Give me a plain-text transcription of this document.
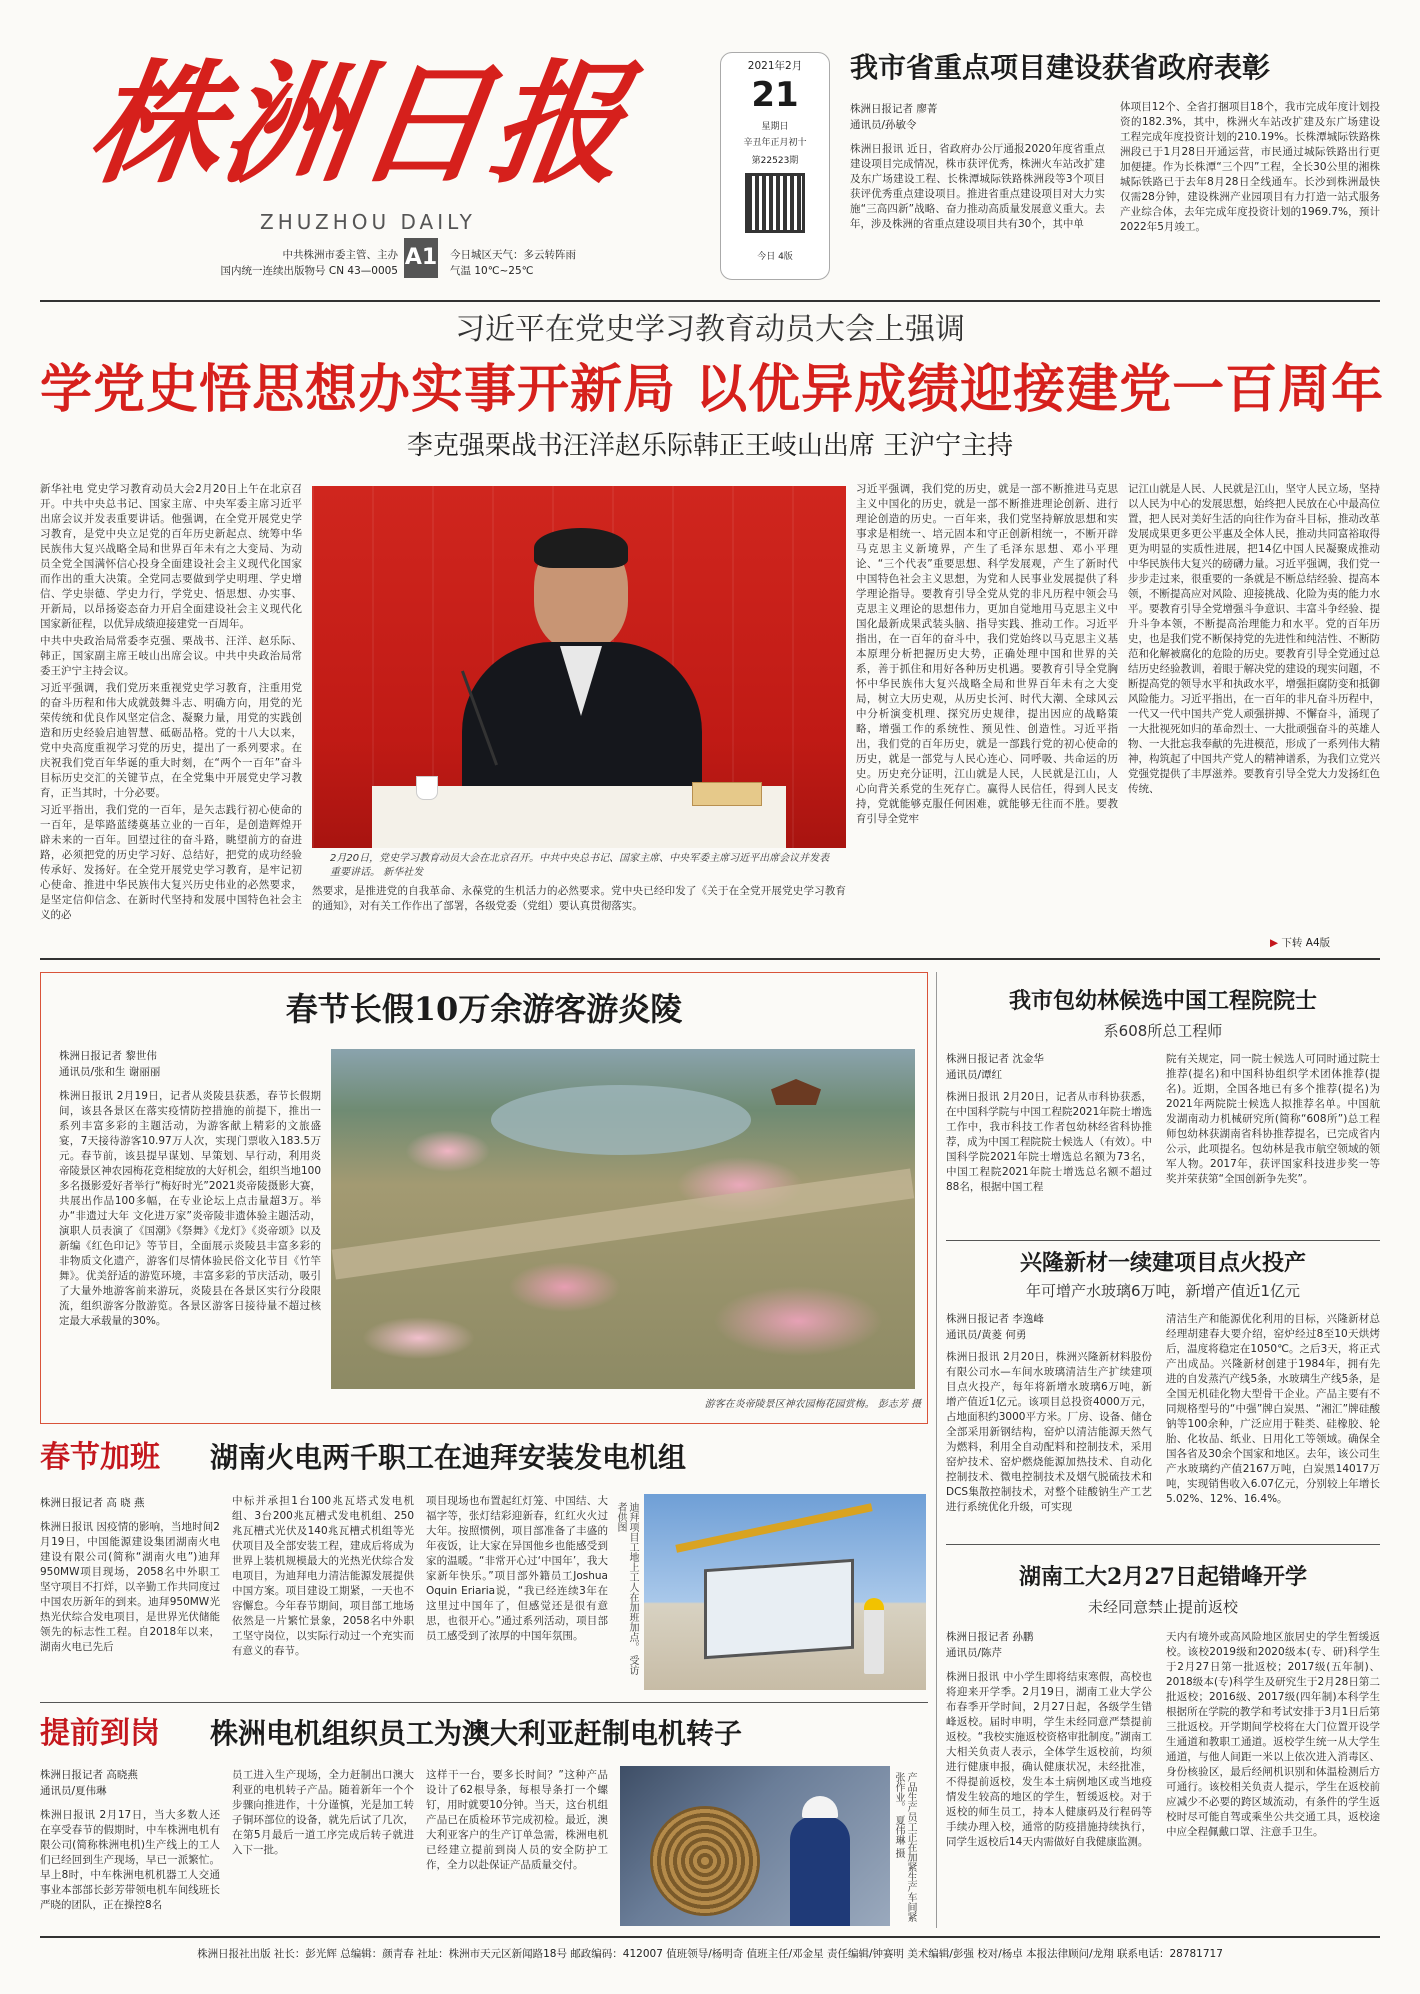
株洲日报
ZHUZHOU DAILY
中共株洲市委主管、主办
国内统一连续出版物号 CN 43—0005
A1 今日城区天气：多云转阵雨
气温 10℃~25℃
2021年2月
21
星期日
辛丑年正月初十
第22523期
今日 4版
我市省重点项目建设获省政府表彰
株洲日报记者 廖菁
通讯员/孙敏令
株洲日报讯 近日，省政府办公厅通报2020年度省重点建设项目完成情况，株市获评优秀，株洲火车站改扩建及东广场建设工程、长株潭城际铁路株洲段等3个项目获评优秀重点建设项目。推进省重点建设项目对大力实施“三高四新”战略、奋力推动高质量发展意义重大。去年，涉及株洲的省重点建设项目共有30个，其中单
体项目12个、全省打捆项目18个，我市完成年度计划投资的182.3%，其中，株洲火车站改扩建及东广场建设工程完成年度投资计划的210.19%。长株潭城际铁路株洲段已于1月28日开通运营，市民通过城际铁路出行更加便捷。作为长株潭“三个四”工程，全长30公里的湘株城际铁路已于去年8月28日全线通车。长沙到株洲最快仅需28分钟，建设株洲产业园项目有力打造一站式服务产业综合体，去年完成年度投资计划的1969.7%，预计2022年5月竣工。
习近平在党史学习教育动员大会上强调
学党史悟思想办实事开新局 以优异成绩迎接建党一百周年
李克强栗战书汪洋赵乐际韩正王岐山出席 王沪宁主持
新华社电 党史学习教育动员大会2月20日上午在北京召开。中共中央总书记、国家主席、中央军委主席习近平出席会议并发表重要讲话。他强调，在全党开展党史学习教育，是党中央立足党的百年历史新起点、统筹中华民族伟大复兴战略全局和世界百年未有之大变局、为动员全党全国满怀信心投身全面建设社会主义现代化国家而作出的重大决策。全党同志要做到学史明理、学史增信、学史崇德、学史力行，学党史、悟思想、办实事、开新局，以昂扬姿态奋力开启全面建设社会主义现代化国家新征程，以优异成绩迎接建党一百周年。
中共中央政治局常委李克强、栗战书、汪洋、赵乐际、韩正，国家副主席王岐山出席会议。中共中央政治局常委王沪宁主持会议。
习近平强调，我们党历来重视党史学习教育，注重用党的奋斗历程和伟大成就鼓舞斗志、明确方向，用党的光荣传统和优良作风坚定信念、凝聚力量，用党的实践创造和历史经验启迪智慧、砥砺品格。党的十八大以来，党中央高度重视学习党的历史，提出了一系列要求。在庆祝我们党百年华诞的重大时刻，在“两个一百年”奋斗目标历史交汇的关键节点，在全党集中开展党史学习教育，正当其时，十分必要。
习近平指出，我们党的一百年，是矢志践行初心使命的一百年，是筚路蓝缕奠基立业的一百年，是创造辉煌开辟未来的一百年。回望过往的奋斗路，眺望前方的奋进路，必须把党的历史学习好、总结好，把党的成功经验传承好、发扬好。在全党开展党史学习教育，是牢记初心使命、推进中华民族伟大复兴历史伟业的必然要求，是坚定信仰信念、在新时代坚持和发展中国特色社会主义的必
2月20日，党史学习教育动员大会在北京召开。中共中央总书记、国家主席、中央军委主席习近平出席会议并发表重要讲话。 新华社发
然要求，是推进党的自我革命、永葆党的生机活力的必然要求。党中央已经印发了《关于在全党开展党史学习教育的通知》，对有关工作作出了部署，各级党委（党组）要认真贯彻落实。
习近平强调，我们党的历史，就是一部不断推进马克思主义中国化的历史，就是一部不断推进理论创新、进行理论创造的历史。一百年来，我们党坚持解放思想和实事求是相统一、培元固本和守正创新相统一，不断开辟马克思主义新境界，产生了毛泽东思想、邓小平理论、“三个代表”重要思想、科学发展观，产生了新时代中国特色社会主义思想，为党和人民事业发展提供了科学理论指导。要教育引导全党从党的非凡历程中领会马克思主义理论的思想伟力，更加自觉地用马克思主义中国化最新成果武装头脑、指导实践、推动工作。习近平指出，在一百年的奋斗中，我们党始终以马克思主义基本原理分析把握历史大势，正确处理中国和世界的关系，善于抓住和用好各种历史机遇。要教育引导全党胸怀中华民族伟大复兴战略全局和世界百年未有之大变局，树立大历史观，从历史长河、时代大潮、全球风云中分析演变机理、探究历史规律，提出因应的战略策略，增强工作的系统性、预见性、创造性。习近平指出，我们党的百年历史，就是一部践行党的初心使命的历史，就是一部党与人民心连心、同呼吸、共命运的历史。历史充分证明，江山就是人民，人民就是江山，人心向背关系党的生死存亡。赢得人民信任，得到人民支持，党就能够克服任何困难，就能够无往而不胜。要教育引导全党牢
记江山就是人民、人民就是江山，坚守人民立场，坚持以人民为中心的发展思想，始终把人民放在心中最高位置，把人民对美好生活的向往作为奋斗目标，推动改革发展成果更多更公平惠及全体人民，推动共同富裕取得更为明显的实质性进展，把14亿中国人民凝聚成推动中华民族伟大复兴的磅礴力量。习近平强调，我们党一步步走过来，很重要的一条就是不断总结经验、提高本领，不断提高应对风险、迎接挑战、化险为夷的能力水平。要教育引导全党增强斗争意识、丰富斗争经验、提升斗争本领，不断提高治理能力和水平。党的百年历史，也是我们党不断保持党的先进性和纯洁性、不断防范和化解被腐化的危险的历史。要教育引导全党通过总结历史经验教训，着眼于解决党的建设的现实问题，不断提高党的领导水平和执政水平，增强拒腐防变和抵御风险能力。习近平指出，在一百年的非凡奋斗历程中，一代又一代中国共产党人顽强拼搏、不懈奋斗，涌现了一大批视死如归的革命烈士、一大批顽强奋斗的英雄人物、一大批忘我奉献的先进模范，形成了一系列伟大精神，构筑起了中国共产党人的精神谱系，为我们立党兴党强党提供了丰厚滋养。要教育引导全党大力发扬红色传统、
▶ 下转 A4版
春节长假10万余游客游炎陵
株洲日报记者 黎世伟
通讯员/张和生 谢丽丽
株洲日报讯 2月19日，记者从炎陵县获悉，春节长假期间，该县各景区在落实疫情防控措施的前提下，推出一系列丰富多彩的主题活动，为游客献上精彩的文旅盛宴，7天接待游客10.97万人次，实现门票收入183.5万元。春节前，该县提早谋划、早策划、早行动，利用炎帝陵景区神农园梅花竞相绽放的大好机会，组织当地100多名摄影爱好者举行“梅好时光”2021炎帝陵摄影大赛，共展出作品100多幅，在专业论坛上点击量超3万。举办“非遗过大年 文化进万家”炎帝陵非遗体验主题活动，演职人员表演了《国潮》《祭舞》《龙灯》《炎帝颂》以及新编《红色印记》等节目，全面展示炎陵县丰富多彩的非物质文化遗产，游客们尽情体验民俗文化节目《竹竿舞》。优美舒适的游览环境，丰富多彩的节庆活动，吸引了大量外地游客前来游玩，炎陵县在各景区实行分段限流，组织游客分散游览。各景区游客日接待量不超过核定最大承载量的30%。
游客在炎帝陵景区神农园梅花园赏梅。 彭志芳 摄
我市包幼林候选中国工程院院士
系608所总工程师
株洲日报记者 沈金华
通讯员/谭红
株洲日报讯 2月20日，记者从市科协获悉，在中国科学院与中国工程院2021年院士增选工作中，我市科技工作者包幼林经省科协推荐，成为中国工程院院士候选人（有效）。中国科学院2021年院士增选总名额为73名，中国工程院2021年院士增选总名额不超过88名，根据中国工程
院有关规定，同一院士候选人可同时通过院士推荐(提名)和中国科协组织学术团体推荐(提名)。近期，全国各地已有多个推荐(提名)为2021年两院院士候选人拟推荐名单。中国航发湖南动力机械研究所(简称“608所”)总工程师包幼林获湖南省科协推荐提名，已完成省内公示，此项提名。包幼林是我市航空领域的领军人物。2017年，获评国家科技进步奖一等奖并荣获第“全国创新争先奖”。
兴隆新材一续建项目点火投产
年可增产水玻璃6万吨，新增产值近1亿元
株洲日报记者 李逸峰
通讯员/黄菱 何勇
株洲日报讯 2月20日，株洲兴隆新材料股份有限公司水—车间水玻璃清洁生产扩续建项目点火投产，每年将新增水玻璃6万吨，新增产值近1亿元。该项目总投资4000万元，占地面积约3000平方米。厂房、设备、储仓全部采用新钢结构，窑炉以清洁能源天然气为燃料，利用全自动配料和控制技术，采用窑炉技术、窑炉燃烧能源加热技术、自动化控制技术、微电控制技术及烟气脱硫技术和DCS集散控制技术，对整个硅酸钠生产工艺进行系统优化升级，可实现
清洁生产和能源优化利用的目标，兴隆新材总经理胡建春大要介绍，窑炉经过8至10天烘烤后，温度将稳定在1050℃。之后3天，将正式产出成品。兴隆新材创建于1984年，拥有先进的自发蒸汽产线5条，水玻璃生产线5条，是全国无机硅化物大型骨干企业。产品主要有不同规格型号的“中强”牌白炭黑、“湘汇”牌硅酸钠等100余种，广泛应用于鞋类、硅橡胶、轮胎、化妆品、纸业、日用化工等领域。确保全国各省及30余个国家和地区。去年，该公司生产水玻璃约产值2167万吨，白炭黑14017万吨，实现销售收入6.07亿元，分别较上年增长5.02%、12%、16.4%。
湖南工大2月27日起错峰开学
未经同意禁止提前返校
株洲日报记者 孙鹏
通讯员/陈芹
株洲日报讯 中小学生即将结束寒假，高校也将迎来开学季。2月19日，湖南工业大学公布春季开学时间，2月27日起，各级学生错峰返校。届时申明，学生未经同意严禁提前返校。“我校实施返校资格审批制度。”湖南工大相关负责人表示，全体学生返校前，均须进行健康申报，确认健康状况，未经批准，不得提前返校，发生本土病例地区或当地疫情发生较高的地区的学生，暂缓返校。对于返校的师生员工，持本人健康码及行程码等手续办理入校，通常的防疫措施持续执行，同学生返校后14天内需做好自我健康监测。
天内有境外或高风险地区旅居史的学生暂缓返校。该校2019级和2020级本(专、研)科学生于2月27日第一批返校；2017级(五年制)、2018级本(专)科学生及研究生于2月28日第二批返校；2016级、2017级(四年制)本科学生根据所在学院的教学和考试安排于3月1日后第三批返校。开学期间学校将在大门位置开设学生通道和教职工通道。返校学生统一从大学生通道，与他人间距一米以上依次进入消毒区、身份核验区，最后经闸机识别和体温检测后方可通行。该校相关负责人提示，学生在返校前应减少不必要的跨区域流动，有条件的学生返校时尽可能自驾或乘坐公共交通工具，返校途中应全程佩戴口罩、注意手卫生。
春节加班 湖南火电两千职工在迪拜安装发电机组
株洲日报记者 高 晓 燕
株洲日报讯 因疫情的影响，当地时间2月19日，中国能源建设集团湖南火电建设有限公司(简称“湖南火电”)迪拜950MW项目现场，2058名中外职工坚守项目不打烊，以辛勤工作共同度过中国农历新年的到来。迪拜950MW光热光伏综合发电项目，是世界光伏储能领先的标志性工程。自2018年以来，湖南火电已先后
中标并承担1台100兆瓦塔式发电机组、3台200兆瓦槽式发电机组、250兆瓦槽式光伏及140兆瓦槽式机组等光伏项目及全部安装工程，建成后将成为世界上装机规模最大的光热光伏综合发电项目，为迪拜电力清洁能源发展提供中国方案。项目建设工期紧，一天也不容懈怠。今年春节期间，项目部工地场依然是一片繁忙景象，2058名中外职工坚守岗位，以实际行动过一个充实而有意义的春节。
项目现场也布置起红灯笼、中国结、大福字等，张灯结彩迎新春，红红火火过大年。按照惯例，项目部准备了丰盛的年夜饭，让大家在异国他乡也能感受到家的温暖。“非常开心过‘中国年’，我大家新年快乐。”项目部外籍员工Joshua Oquin Eriaria说，“我已经连续3年在这里过中国年了，但感觉还是很有意思，也很开心。”通过系列活动，项目部员工感受到了浓厚的中国年氛围。	迪拜项目工地上工人在加班加点。 受访者供图
提前到岗 株洲电机组织员工为澳大利亚赶制电机转子
株洲日报记者 高晓燕
通讯员/夏伟琳
株洲日报讯 2月17日，当大多数人还在享受春节的假期时，中车株洲电机有限公司(简称株洲电机)生产线上的工人们已经回到生产现场，早已一派繁忙。早上8时，中车株洲电机机器工人交通事业本部部长彭芳带领电机车间线班长严晓的团队，正在操控8名
员工进入生产现场，全力赶制出口澳大利亚的电机转子产品。随着新年一个个步骤向推进作，十分谨慎，光是加工转子铜环部位的设备，就先后试了几次，在第5月最后一道工序完成后转子就进入下一批。
这样干一台，要多长时间？”这种产品设计了62根导条，每根导条打一个螺钉，用时就要10分钟。当天，这台机组产品已在质检环节完成初检。最近，澳大利亚客户的生产订单急需，株洲电机已经建立提前到岗人员的安全防护工作，全力以赴保证产品质量交付。	产品生产员工正在加紧生产车间紧张作业。 夏伟琳 摄
株洲日报社出版 社长：彭光辉 总编辑：颜青春 社址：株洲市天元区新闻路18号 邮政编码：412007 值班领导/杨明奇 值班主任/邓金星 责任编辑/钟赛明 美术编辑/彭强 校对/杨卓 本报法律顾问/龙翔 联系电话：28781717
